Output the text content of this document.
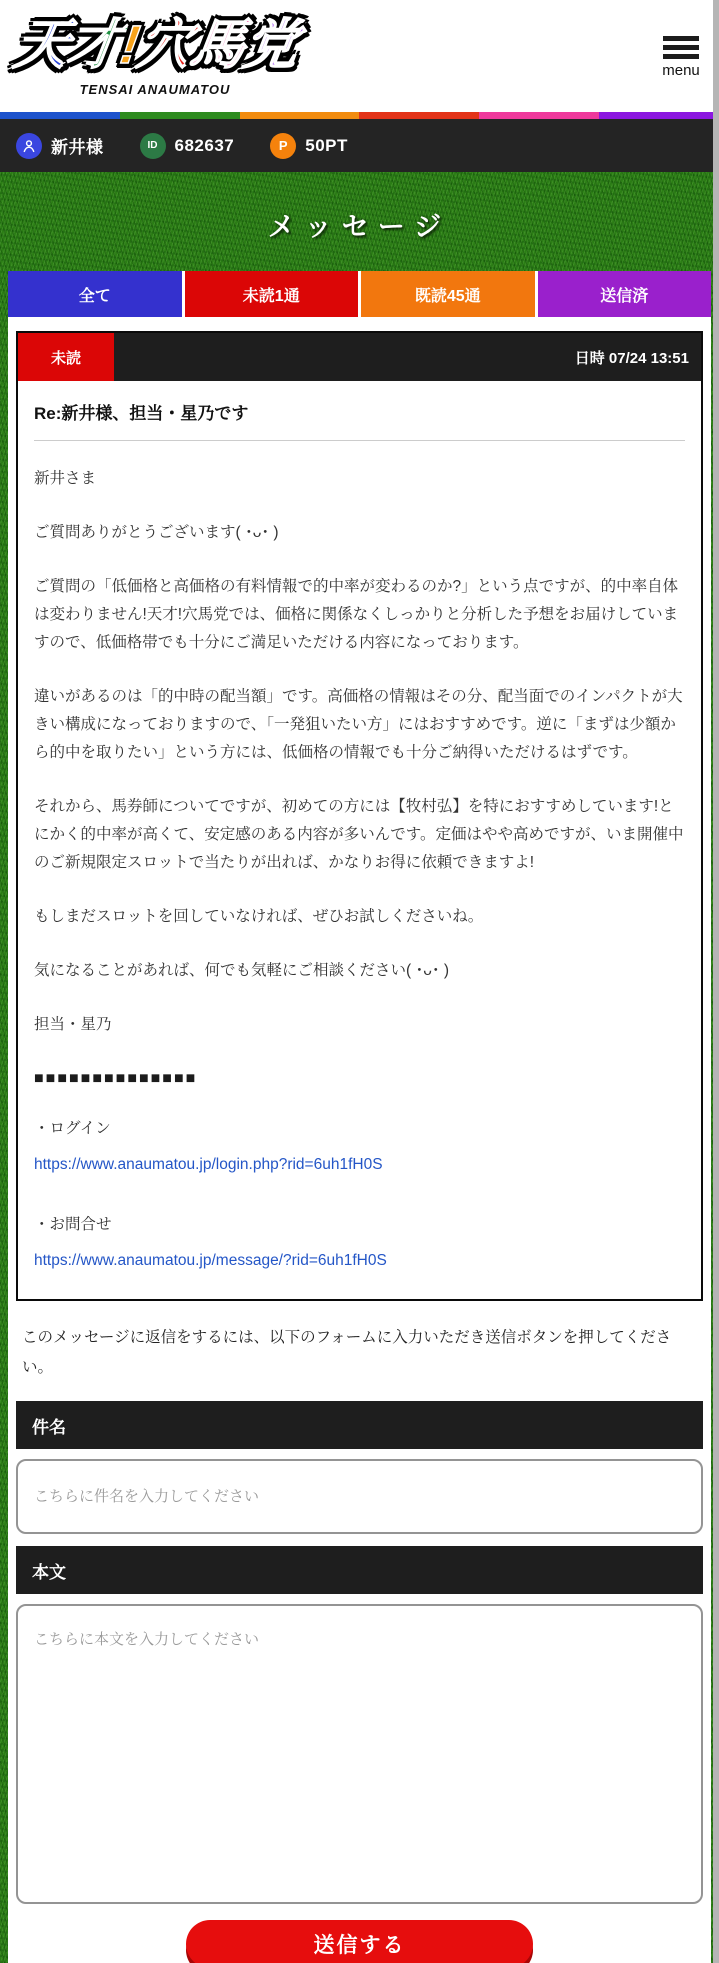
天
才
!
穴
馬
党
TENSAI ANAUMATOU
menu
新井様	ID	682637	P	50PT
メッセージ
全て	未読1通	既読45通	送信済
未読	日時 07/24 13:51
Re:新井様、担当・星乃です

新井さま

ご質問ありがとうございます( ･ᴗ･ )

ご質問の「低価格と高価格の有料情報で的中率が変わるのか?」という点ですが、的中率自体は変わりません!天才!穴馬党では、価格に関係なくしっかりと分析した予想をお届けしていますので、低価格帯でも十分にご満足いただける内容になっております。

違いがあるのは「的中時の配当額」です。高価格の情報はその分、配当面でのインパクトが大きい構成になっておりますので、「一発狙いたい方」にはおすすめです。逆に「まずは少額から的中を取りたい」という方には、低価格の情報でも十分ご納得いただけるはずです。

それから、馬券師についてですが、初めての方には【牧村弘】を特におすすめしています!とにかく的中率が高くて、安定感のある内容が多いんです。定価はやや高めですが、いま開催中のご新規限定スロットで当たりが出れば、かなりお得に依頼できますよ!

もしまだスロットを回していなければ、ぜひお試しくださいね。

気になることがあれば、何でも気軽にご相談ください( ･ᴗ･ )

担当・星乃

■■■■■■■■■■■■■■

・ログイン

https://www.anaumatou.jp/login.php?rid=6uh1fH0S

・お問合せ

https://www.anaumatou.jp/message/?rid=6uh1fH0S

このメッセージに返信をするには、以下のフォームに入力いただき送信ボタンを押してください。

件名
こちらに件名を入力してください
本文
こちらに本文を入力してください
送信する
